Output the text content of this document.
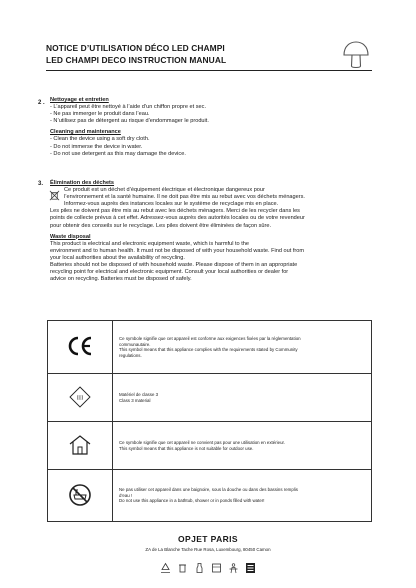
NOTICE D’UTILISATION DÉCO LED CHAMPI
LED CHAMPI DECO INSTRUCTION MANUAL
2 . Nettoyage et entretien
- L’appareil peut être nettoyé à l’aide d’un chiffon propre et sec.
- Ne pas immerger le produit dans l’eau.
- N’utilisez pas de détergent au risque d’endommager le produit.
Cleaning and maintenance
- Clean the device using a soft dry cloth.
- Do not immerse the device in water.
- Do not use detergent as this may damage the device.
3. Élimination des déchets
Ce produit est un déchet d’équipement électrique et électronique dangereux pour
l’environnement et la santé humaine. Il ne doit pas être mis au rebut avec vos déchets ménagers.
Informez-vous auprès des instances locales sur le système de recyclage mis en place.
Les piles ne doivent pas être mis au rebut avec les déchets ménagers. Merci de les recycler dans les
points de collecte prévus à cet effet. Adressez-vous auprès des autorités locales ou de votre revendeur
pour obtenir des conseils sur le recyclage. Les piles doivent être éliminées de façon sûre.
Waste disposal
This product is electrical and electronic equipment waste, which is harmful to the
environment and to human health. It must not be disposed of with your household waste. Find out from
your local authorities about the availability of recycling.
Batteries should not be disposed of with household waste. Please dispose of them in an appropriate
recycling point for electrical and electronic equipment. Consult your local authorities or dealer for
advice on recycling. Batteries must be disposed of safely.

Ce symbole signifie que cet appareil est conforme aux exigences fixées par la réglementation
communautaire.
This symbol means that this appliance complies with the requirements stated by Community
regulations.

III	Matériel de classe 3
Class 3 material

Ce symbole signifie que cet appareil ne convient pas pour une utilisation en extérieur.
This symbol means that this appliance is not suitable for outdoor use.

Ne pas utiliser cet appareil dans une baignoire, sous la douche ou dans des bassins remplis
d’eau !
Do not use this appliance in a bathtub, shower or in ponds filled with water!
OPJET PARIS
ZA de La Blanche Tache Rue Rosa, Luxembourg, 80450 Camon
